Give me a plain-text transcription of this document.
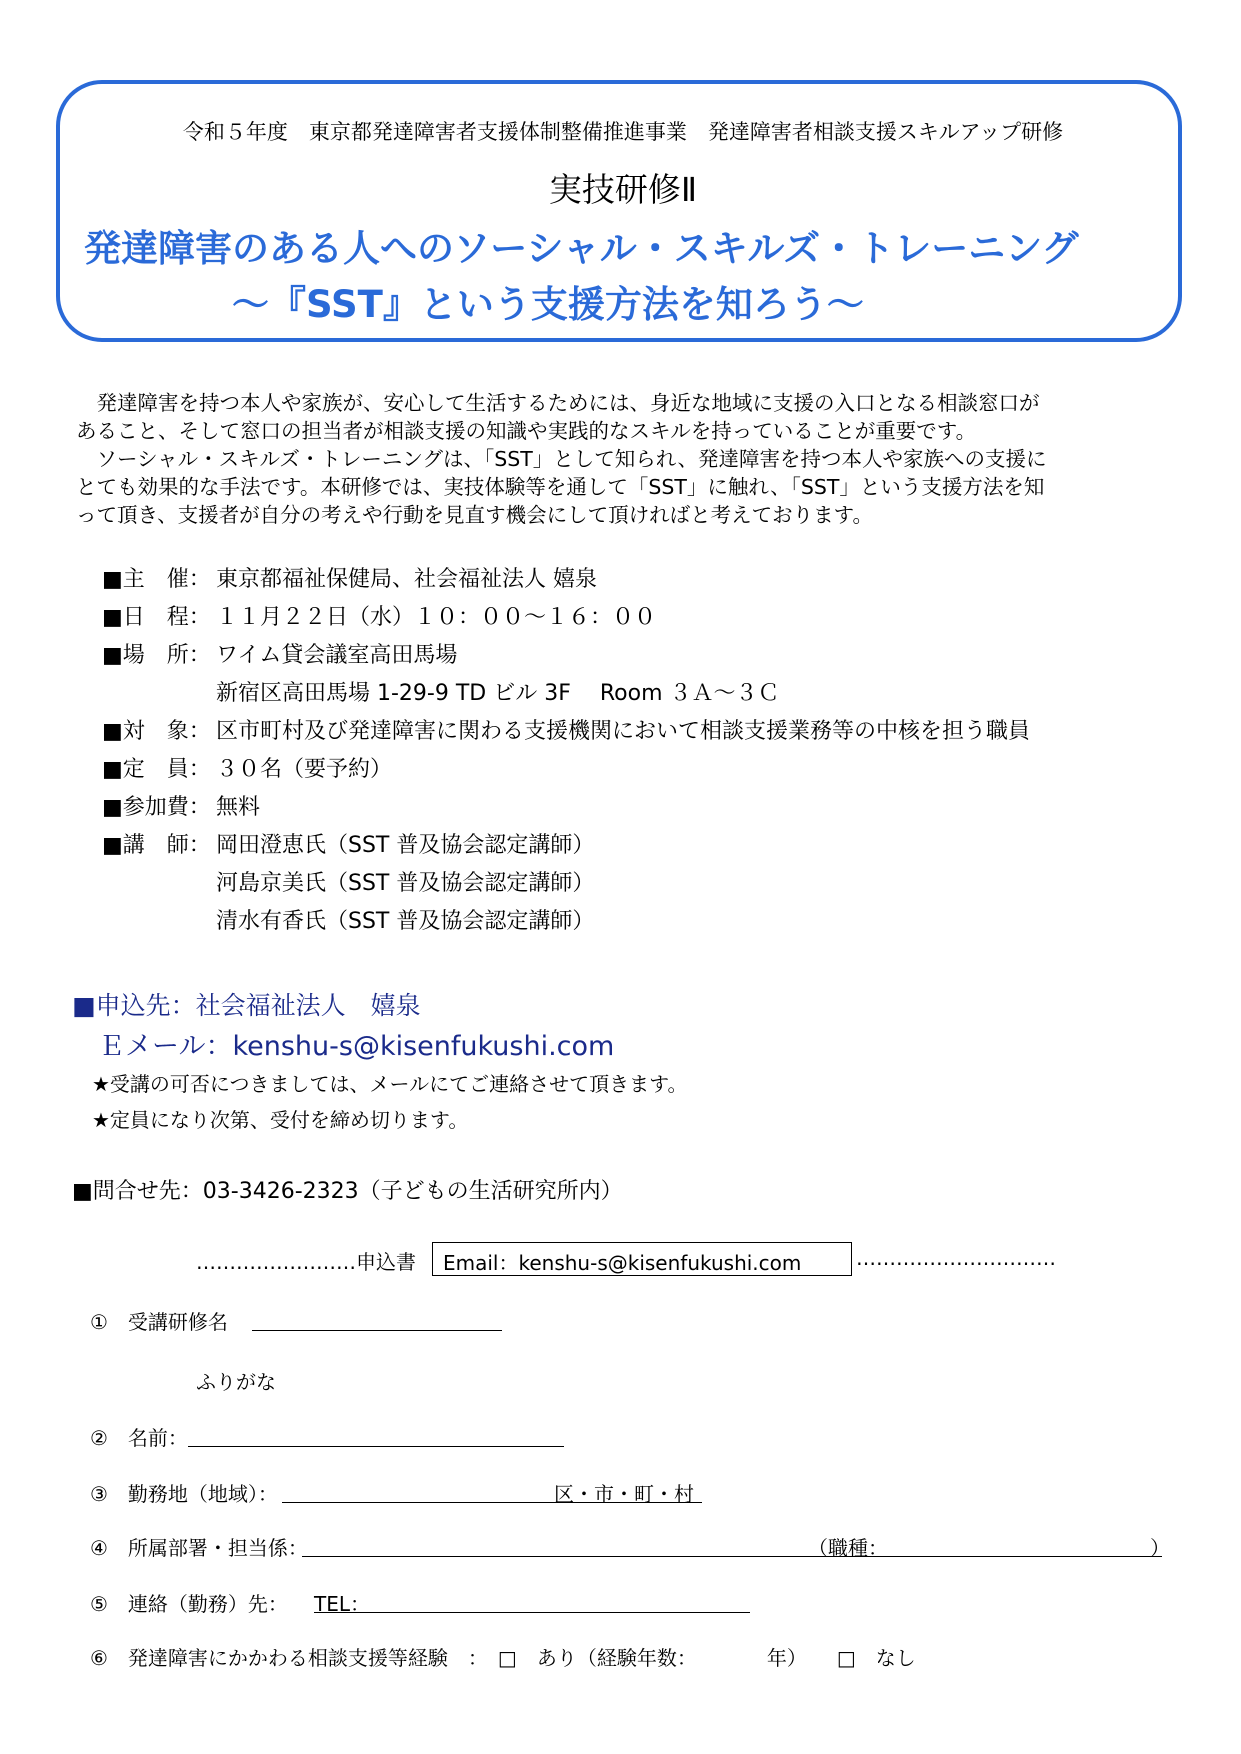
令和５年度　東京都発達障害者支援体制整備推進事業　発達障害者相談支援スキルアップ研修
実技研修Ⅱ
発達障害のある人へのソーシャル・スキルズ・トレーニング
～『SST』という支援方法を知ろう～
　発達障害を持つ本人や家族が、安心して生活するためには、身近な地域に支援の入口となる相談窓口が
あること、そして窓口の担当者が相談支援の知識や実践的なスキルを持っていることが重要です。
　ソーシャル・スキルズ・トレーニングは、「SST」として知られ、発達障害を持つ本人や家族への支援に
とても効果的な手法です。本研修では、実技体験等を通して「SST」に触れ、「SST」という支援方法を知
って頂き、支援者が自分の考えや行動を見直す機会にして頂ければと考えております。
■主　催： 東京都福祉保健局、社会福祉法人 嬉泉
■日　程： １１月２２日（水）１０：００～１６：００
■場　所： ワイム貸会議室高田馬場
新宿区高田馬場 1-29-9 TD ビル 3F　 Room ３Ａ～３Ｃ
■対　象： 区市町村及び発達障害に関わる支援機関において相談支援業務等の中核を担う職員
■定　員： ３０名（要予約）
■参加費： 無料
■講　師： 岡田澄恵氏（SST 普及協会認定講師）
河島京美氏（SST 普及協会認定講師）
清水有香氏（SST 普及協会認定講師）
■申込先：社会福祉法人　嬉泉
Ｅメール：kenshu-s@kisenfukushi.com
★受講の可否につきましては、メールにてご連絡させて頂きます。
★定員になり次第、受付を締め切ります。
■問合せ先：03-3426-2323（子どもの生活研究所内）
……………………申込書 Email：kenshu-s@kisenfukushi.com	…………………………
①　受講研修名
ふりがな
②　名前：
③　勤務地（地域）：	区・市・町・村
④　所属部署・担当係：	（職種：	）
⑤　連絡（勤務）先： TEL：
⑥　発達障害にかかわる相談支援等経験　：　□　あり（経験年数：　　　　年）　　□　なし
